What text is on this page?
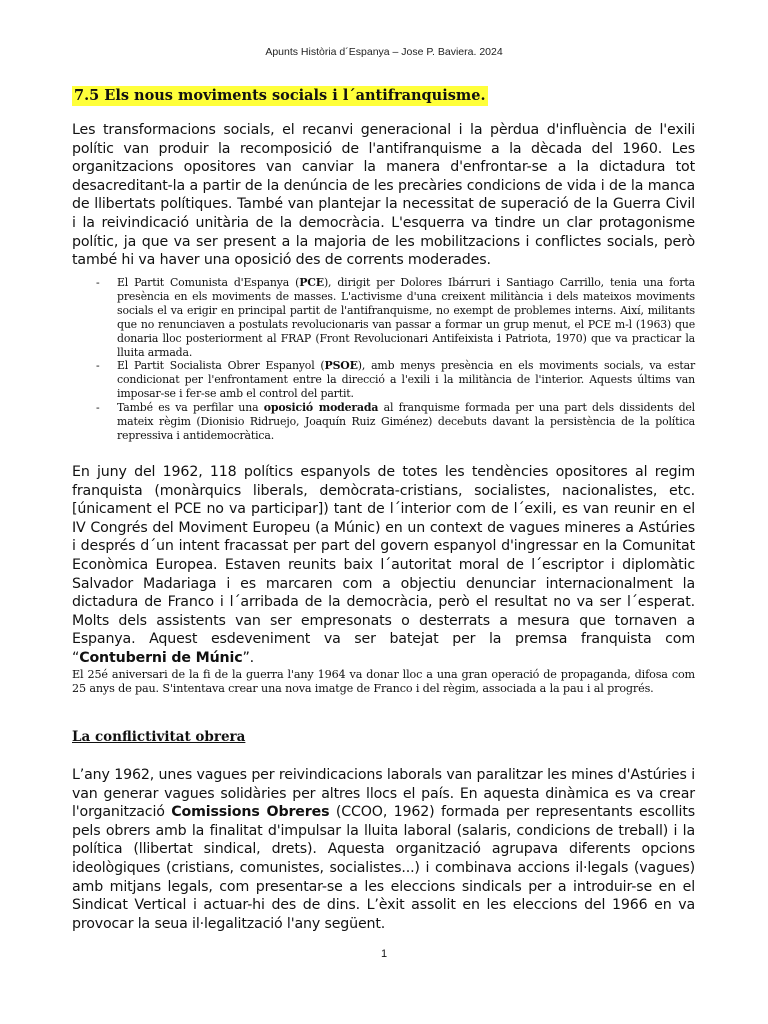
Apunts Història d´Espanya – Jose P. Baviera. 2024
7.5 Els nous moviments socials i l´antifranquisme.

Les transformacions socials, el recanvi generacional i la pèrdua d'influència de l'exili polític van produir la recomposició de l'antifranquisme a la dècada del 1960. Les organitzacions opositores van canviar la manera d'enfrontar-se a la dictadura tot desacreditant-la a partir de la denúncia de les precàries condicions de vida i de la manca de llibertats polítiques. També van plantejar la necessitat de superació de la Guerra Civil i la reivindicació unitària de la democràcia. L'esquerra va tindre un clar protagonisme polític, ja que va ser present a la majoria de les mobilitzacions i conflictes socials, però també hi va haver una oposició des de corrents moderades.

- El Partit Comunista d'Espanya (PCE), dirigit per Dolores Ibárruri i Santiago Carrillo, tenia una forta presència en els moviments de masses. L'activisme d'una creixent militància i dels mateixos moviments socials el va erigir en principal partit de l'antifranquisme, no exempt de problemes interns. Així, militants que no renunciaven a postulats revolucionaris van passar a formar un grup menut, el PCE m-l (1963) que donaria lloc posteriorment al FRAP (Front Revolucionari Antifeixista i Patriota, 1970) que va practicar la lluita armada.
- El Partit Socialista Obrer Espanyol (PSOE), amb menys presència en els moviments socials, va estar condicionat per l'enfrontament entre la direcció a l'exili i la militància de l'interior. Aquests últims van imposar-se i fer-se amb el control del partit.
- També es va perfilar una oposició moderada al franquisme formada per una part dels dissidents del mateix règim (Dionisio Ridruejo, Joaquín Ruiz Giménez) decebuts davant la persistència de la política repressiva i antidemocràtica.

En juny del 1962, 118 polítics espanyols de totes les tendències opositores al regim franquista (monàrquics liberals, demòcrata-cristians, socialistes, nacionalistes, etc. [únicament el PCE no va participar]) tant de l´interior com de l´exili, es van reunir en el IV Congrés del Moviment Europeu (a Múnic) en un context de vagues mineres a Astúries i després d´un intent fracassat per part del govern espanyol d'ingressar en la Comunitat Econòmica Europea. Estaven reunits baix l´autoritat moral de l´escriptor i diplomàtic Salvador Madariaga i es marcaren com a objectiu denunciar internacionalment la dictadura de Franco i l´arribada de la democràcia, però el resultat no va ser l´esperat. Molts dels assistents van ser empresonats o desterrats a mesura que tornaven a Espanya. Aquest esdeveniment va ser batejat per la premsa franquista com “Contuberni de Múnic”.

El 25é aniversari de la fi de la guerra l'any 1964 va donar lloc a una gran operació de propaganda, difosa com 25 anys de pau. S'intentava crear una nova imatge de Franco i del règim, associada a la pau i al progrés.

La conflictivitat obrera

L’any 1962, unes vagues per reivindicacions laborals van paralitzar les mines d'Astúries i van generar vagues solidàries per altres llocs el país. En aquesta dinàmica es va crear l'organització Comissions Obreres (CCOO, 1962) formada per representants escollits pels obrers amb la finalitat d'impulsar la lluita laboral (salaris, condicions de treball) i la política (llibertat sindical, drets). Aquesta organització agrupava diferents opcions ideològiques (cristians, comunistes, socialistes...) i combinava accions il·legals (vagues) amb mitjans legals, com presentar-se a les eleccions sindicals per a introduir-se en el Sindicat Vertical i actuar-hi des de dins. L’èxit assolit en les eleccions del 1966 en va provocar la seua il·legalització l'any següent.

1
